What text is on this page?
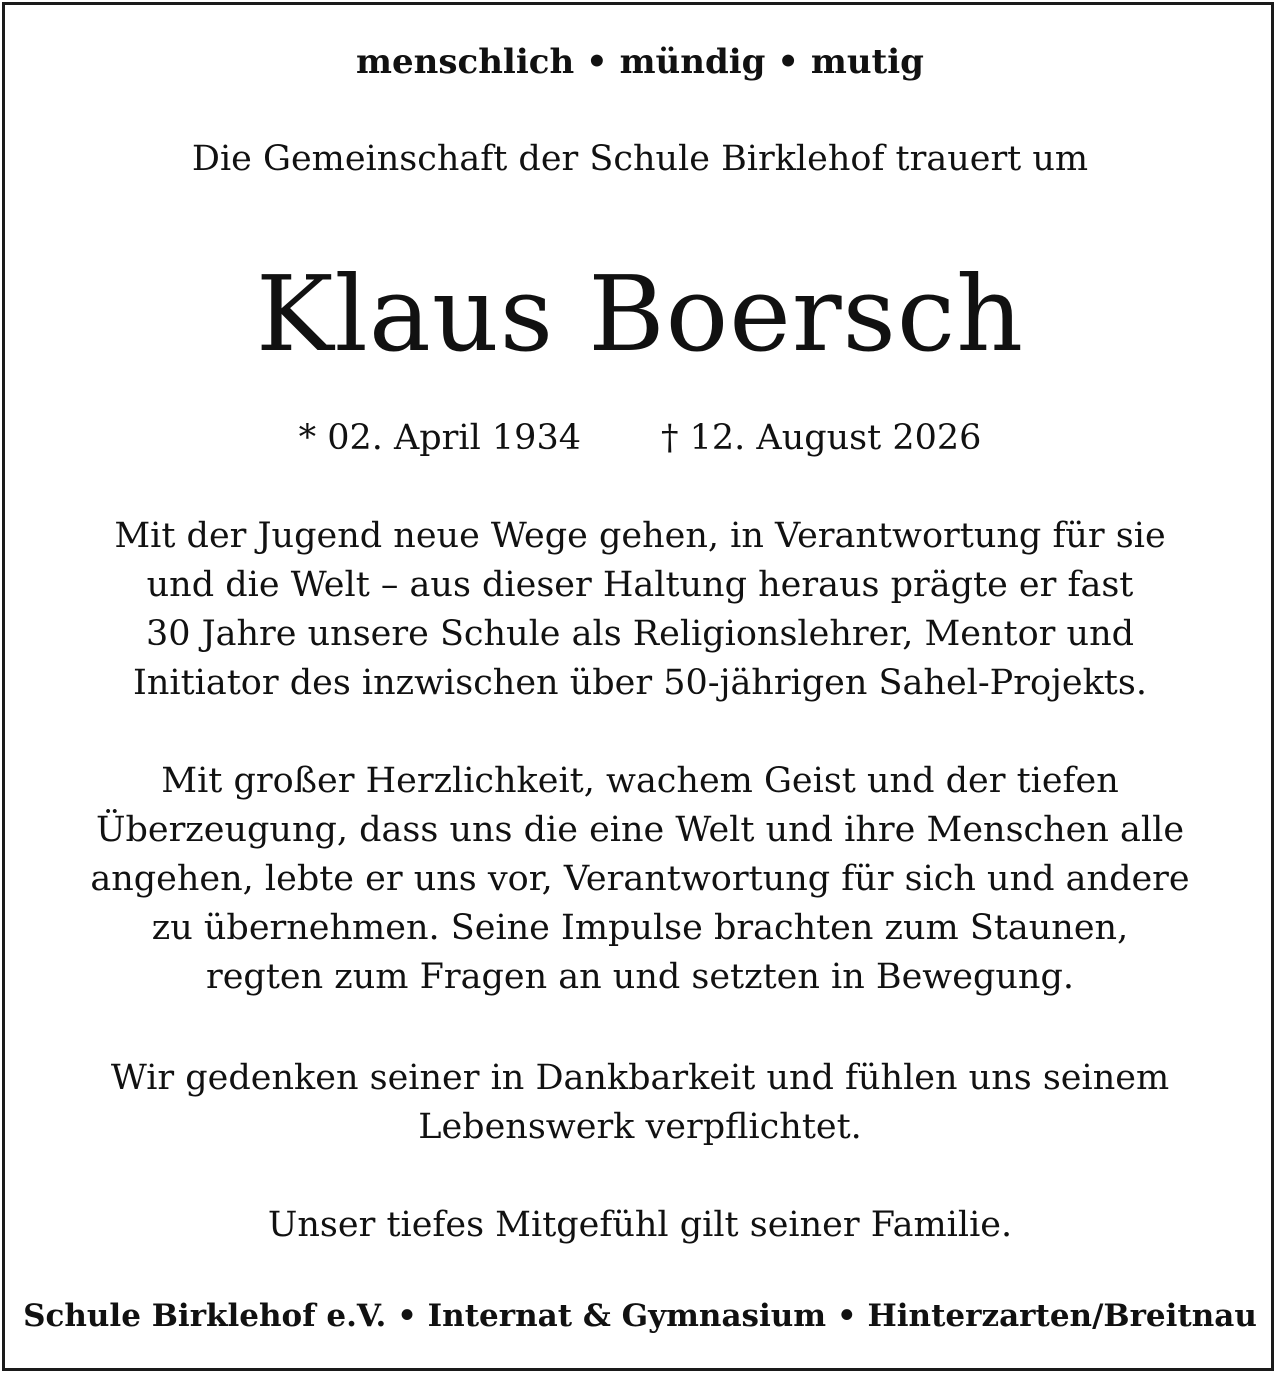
menschlich • mündig • mutig
Die Gemeinschaft der Schule Birklehof trauert um
Klaus Boersch
* 02. April 1934 † 12. August 2026
Mit der Jugend neue Wege gehen, in Verantwortung für sie
und die Welt – aus dieser Haltung heraus prägte er fast
30 Jahre unsere Schule als Religionslehrer, Mentor und
Initiator des inzwischen über 50-jährigen Sahel-Projekts.
Mit großer Herzlichkeit, wachem Geist und der tiefen
Überzeugung, dass uns die eine Welt und ihre Menschen alle
angehen, lebte er uns vor, Verantwortung für sich und andere
zu übernehmen. Seine Impulse brachten zum Staunen,
regten zum Fragen an und setzten in Bewegung.
Wir gedenken seiner in Dankbarkeit und fühlen uns seinem
Lebenswerk verpflichtet.
Unser tiefes Mitgefühl gilt seiner Familie.
Schule Birklehof e.V. • Internat & Gymnasium • Hinterzarten/Breitnau
